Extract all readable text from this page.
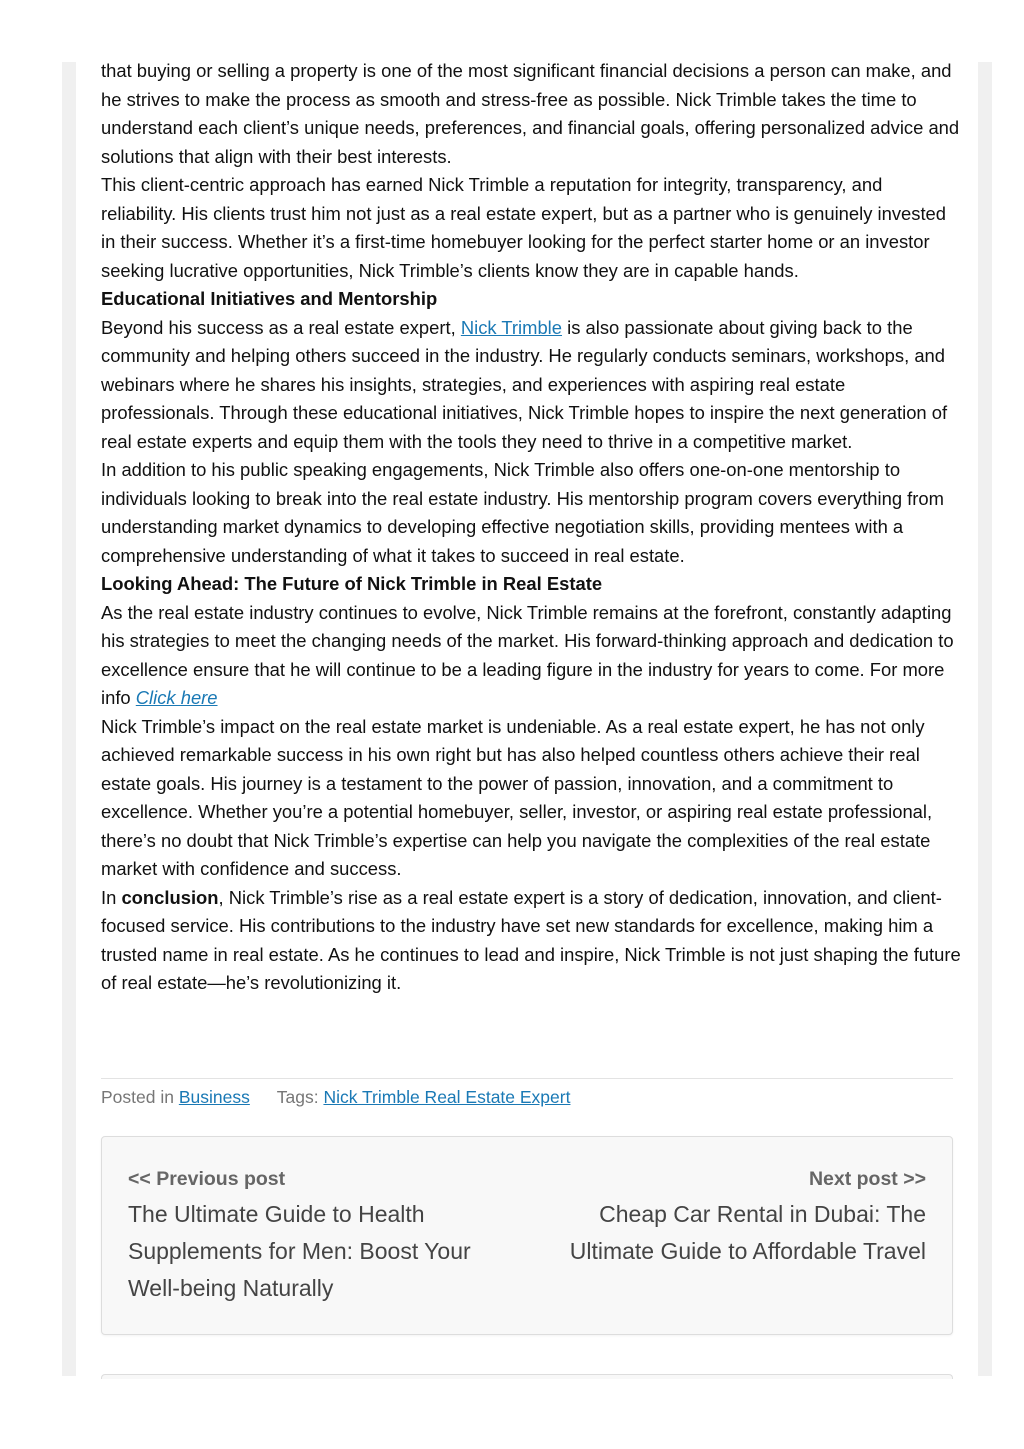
that buying or selling a property is one of the most significant financial decisions a person can make, and he strives to make the process as smooth and stress-free as possible. Nick Trimble takes the time to understand each client’s unique needs, preferences, and financial goals, offering personalized advice and solutions that align with their best interests.

This client-centric approach has earned Nick Trimble a reputation for integrity, transparency, and reliability. His clients trust him not just as a real estate expert, but as a partner who is genuinely invested in their success. Whether it’s a first-time homebuyer looking for the perfect starter home or an investor seeking lucrative opportunities, Nick Trimble’s clients know they are in capable hands.

Educational Initiatives and Mentorship

Beyond his success as a real estate expert, Nick Trimble is also passionate about giving back to the community and helping others succeed in the industry. He regularly conducts seminars, workshops, and webinars where he shares his insights, strategies, and experiences with aspiring real estate professionals. Through these educational initiatives, Nick Trimble hopes to inspire the next generation of real estate experts and equip them with the tools they need to thrive in a competitive market.

In addition to his public speaking engagements, Nick Trimble also offers one-on-one mentorship to individuals looking to break into the real estate industry. His mentorship program covers everything from understanding market dynamics to developing effective negotiation skills, providing mentees with a comprehensive understanding of what it takes to succeed in real estate.

Looking Ahead: The Future of Nick Trimble in Real Estate

As the real estate industry continues to evolve, Nick Trimble remains at the forefront, constantly adapting his strategies to meet the changing needs of the market. His forward-thinking approach and dedication to excellence ensure that he will continue to be a leading figure in the industry for years to come. For more info Click here

Nick Trimble’s impact on the real estate market is undeniable. As a real estate expert, he has not only achieved remarkable success in his own right but has also helped countless others achieve their real estate goals. His journey is a testament to the power of passion, innovation, and a commitment to excellence. Whether you’re a potential homebuyer, seller, investor, or aspiring real estate professional, there’s no doubt that Nick Trimble’s expertise can help you navigate the complexities of the real estate market with confidence and success.

In conclusion, Nick Trimble’s rise as a real estate expert is a story of dedication, innovation, and client-focused service. His contributions to the industry have set new standards for excellence, making him a trusted name in real estate. As he continues to lead and inspire, Nick Trimble is not just shaping the future of real estate—he’s revolutionizing it.

Posted in Business Tags: Nick Trimble Real Estate Expert
<< Previous post
The Ultimate Guide to Health Supplements for Men: Boost Your Well-being Naturally
Next post >>
Cheap Car Rental in Dubai: The Ultimate Guide to Affordable Travel
